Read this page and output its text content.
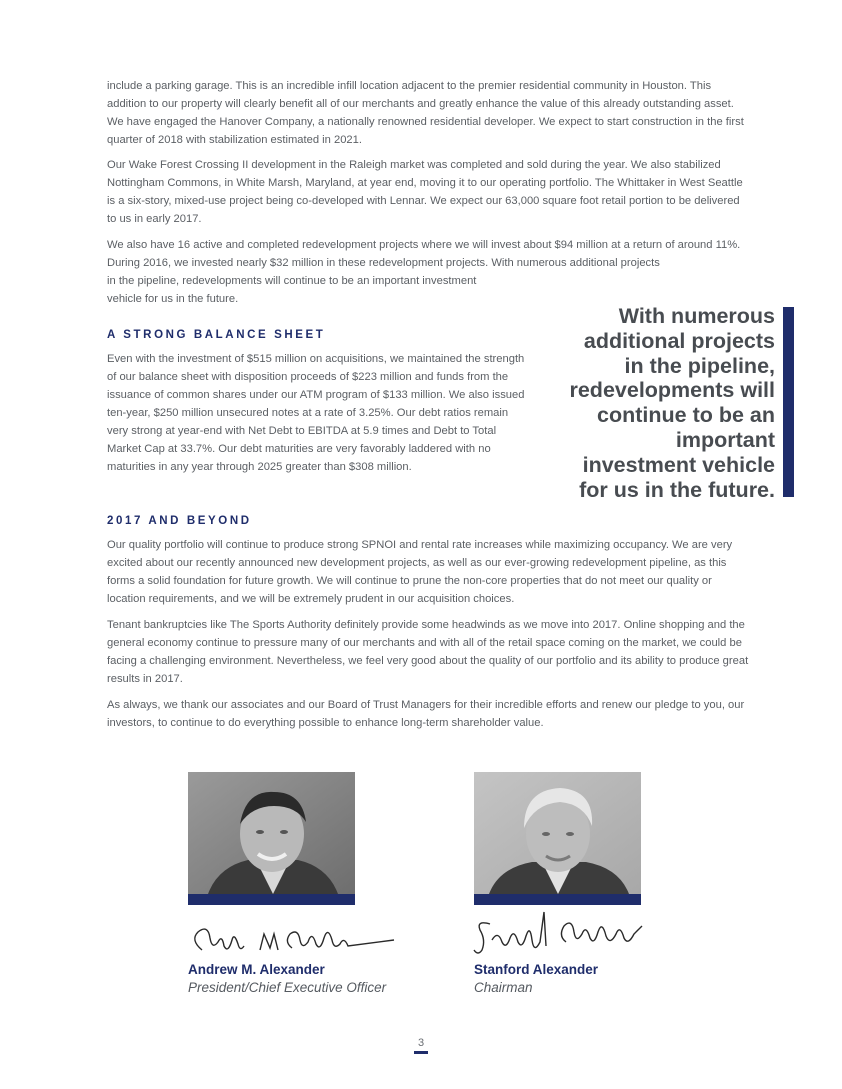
include a parking garage. This is an incredible infill location adjacent to the premier residential community in Houston. This addition to our property will clearly benefit all of our merchants and greatly enhance the value of this already outstanding asset. We have engaged the Hanover Company, a nationally renowned residential developer. We expect to start construction in the first quarter of 2018 with stabilization estimated in 2021.

Our Wake Forest Crossing II development in the Raleigh market was completed and sold during the year. We also stabilized Nottingham Commons, in White Marsh, Maryland, at year end, moving it to our operating portfolio. The Whittaker in West Seattle is a six-story, mixed-use project being co-developed with Lennar. We expect our 63,000 square foot retail portion to be delivered to us in early 2017.

We also have 16 active and completed redevelopment projects where we will invest about $94 million at a return of around 11%. During 2016, we invested nearly $32 million in these redevelopment projects. With numerous additional projects

in the pipeline, redevelopments will continue to be an important investment vehicle for us in the future.

A STRONG BALANCE SHEET

Even with the investment of $515 million on acquisitions, we maintained the strength of our balance sheet with disposition proceeds of $223 million and funds from the issuance of common shares under our ATM program of $133 million. We also issued ten-year, $250 million unsecured notes at a rate of 3.25%. Our debt ratios remain very strong at year-end with Net Debt to EBITDA at 5.9 times and Debt to Total Market Cap at 33.7%. Our debt maturities are very favorably laddered with no maturities in any year through 2025 greater than $308 million.

With numerous additional projects in the pipeline, redevelopments will continue to be an important investment vehicle for us in the future.
2017 AND BEYOND

Our quality portfolio will continue to produce strong SPNOI and rental rate increases while maximizing occupancy. We are very excited about our recently announced new development projects, as well as our ever-growing redevelopment pipeline, as this forms a solid foundation for future growth. We will continue to prune the non-core properties that do not meet our quality or location requirements, and we will be extremely prudent in our acquisition choices.

Tenant bankruptcies like The Sports Authority definitely provide some headwinds as we move into 2017. Online shopping and the general economy continue to pressure many of our merchants and with all of the retail space coming on the market, we could be facing a challenging environment. Nevertheless, we feel very good about the quality of our portfolio and its ability to produce great results in 2017.

As always, we thank our associates and our Board of Trust Managers for their incredible efforts and renew our pledge to you, our investors, to continue to do everything possible to enhance long-term shareholder value.

Andrew M. Alexander
President/Chief Executive Officer
Stanford Alexander
Chairman
3
